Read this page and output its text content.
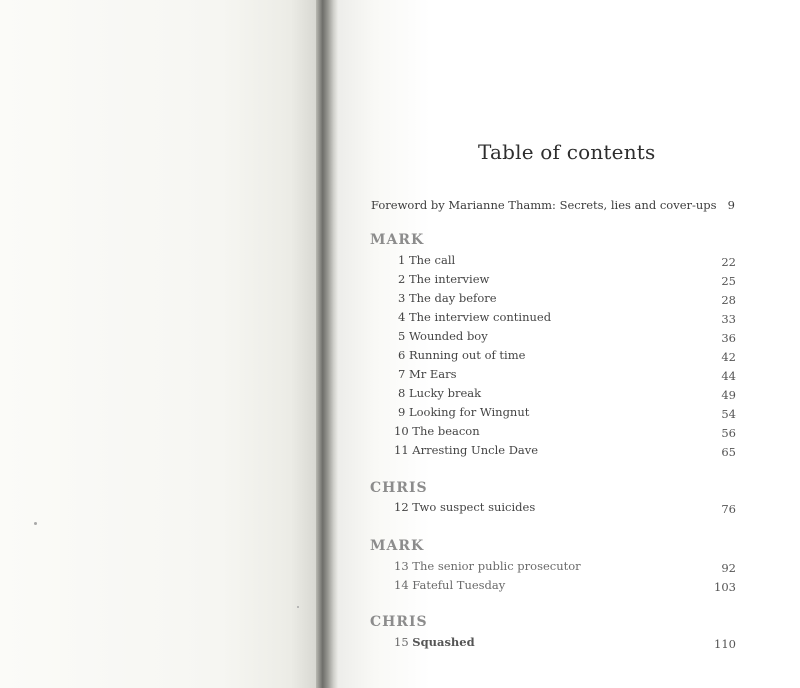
Table of contents
Foreword by Marianne Thamm: Secrets, lies and cover-ups 9
MARK
1 The call	22
2 The interview	25
3 The day before	28
4 The interview continued	33
5 Wounded boy	36
6 Running out of time	42
7 Mr Ears	44
8 Lucky break	49
9 Looking for Wingnut	54
10 The beacon	56
11 Arresting Uncle Dave	65
CHRIS
12 Two suspect suicides	76
MARK
13 The senior public prosecutor	92
14 Fateful Tuesday	103
CHRIS
15 Squashed	110
